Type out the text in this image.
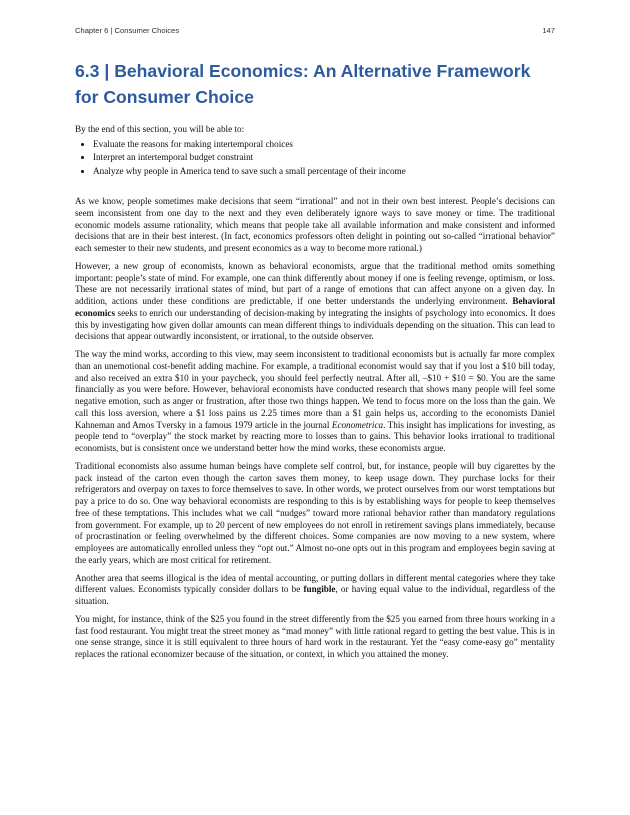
Chapter 6 | Consumer Choices	147
6.3 | Behavioral Economics: An Alternative Framework for Consumer Choice
By the end of this section, you will be able to:
• Evaluate the reasons for making intertemporal choices
• Interpret an intertemporal budget constraint
• Analyze why people in America tend to save such a small percentage of their income

As we know, people sometimes make decisions that seem “irrational” and not in their own best interest. People’s decisions can seem inconsistent from one day to the next and they even deliberately ignore ways to save money or time. The traditional economic models assume rationality, which means that people take all available information and make consistent and informed decisions that are in their best interest. (In fact, economics professors often delight in pointing out so-called “irrational behavior” each semester to their new students, and present economics as a way to become more rational.)

However, a new group of economists, known as behavioral economists, argue that the traditional method omits something important: people’s state of mind. For example, one can think differently about money if one is feeling revenge, optimism, or loss. These are not necessarily irrational states of mind, but part of a range of emotions that can affect anyone on a given day. In addition, actions under these conditions are predictable, if one better understands the underlying environment. Behavioral economics seeks to enrich our understanding of decision-making by integrating the insights of psychology into economics. It does this by investigating how given dollar amounts can mean different things to individuals depending on the situation. This can lead to decisions that appear outwardly inconsistent, or irrational, to the outside observer.

The way the mind works, according to this view, may seem inconsistent to traditional economists but is actually far more complex than an unemotional cost-benefit adding machine. For example, a traditional economist would say that if you lost a $10 bill today, and also received an extra $10 in your paycheck, you should feel perfectly neutral. After all, –$10 + $10 = $0. You are the same financially as you were before. However, behavioral economists have conducted research that shows many people will feel some negative emotion, such as anger or frustration, after those two things happen. We tend to focus more on the loss than the gain. We call this loss aversion, where a $1 loss pains us 2.25 times more than a $1 gain helps us, according to the economists Daniel Kahneman and Amos Tversky in a famous 1979 article in the journal Econometrica. This insight has implications for investing, as people tend to “overplay” the stock market by reacting more to losses than to gains. This behavior looks irrational to traditional economists, but is consistent once we understand better how the mind works, these economists argue.

Traditional economists also assume human beings have complete self control, but, for instance, people will buy cigarettes by the pack instead of the carton even though the carton saves them money, to keep usage down. They purchase locks for their refrigerators and overpay on taxes to force themselves to save. In other words, we protect ourselves from our worst temptations but pay a price to do so. One way behavioral economists are responding to this is by establishing ways for people to keep themselves free of these temptations. This includes what we call “nudges” toward more rational behavior rather than mandatory regulations from government. For example, up to 20 percent of new employees do not enroll in retirement savings plans immediately, because of procrastination or feeling overwhelmed by the different choices. Some companies are now moving to a new system, where employees are automatically enrolled unless they “opt out.” Almost no-one opts out in this program and employees begin saving at the early years, which are most critical for retirement.

Another area that seems illogical is the idea of mental accounting, or putting dollars in different mental categories where they take different values. Economists typically consider dollars to be fungible, or having equal value to the individual, regardless of the situation.

You might, for instance, think of the $25 you found in the street differently from the $25 you earned from three hours working in a fast food restaurant. You might treat the street money as “mad money” with little rational regard to getting the best value. This is in one sense strange, since it is still equivalent to three hours of hard work in the restaurant. Yet the “easy come-easy go” mentality replaces the rational economizer because of the situation, or context, in which you attained the money.
